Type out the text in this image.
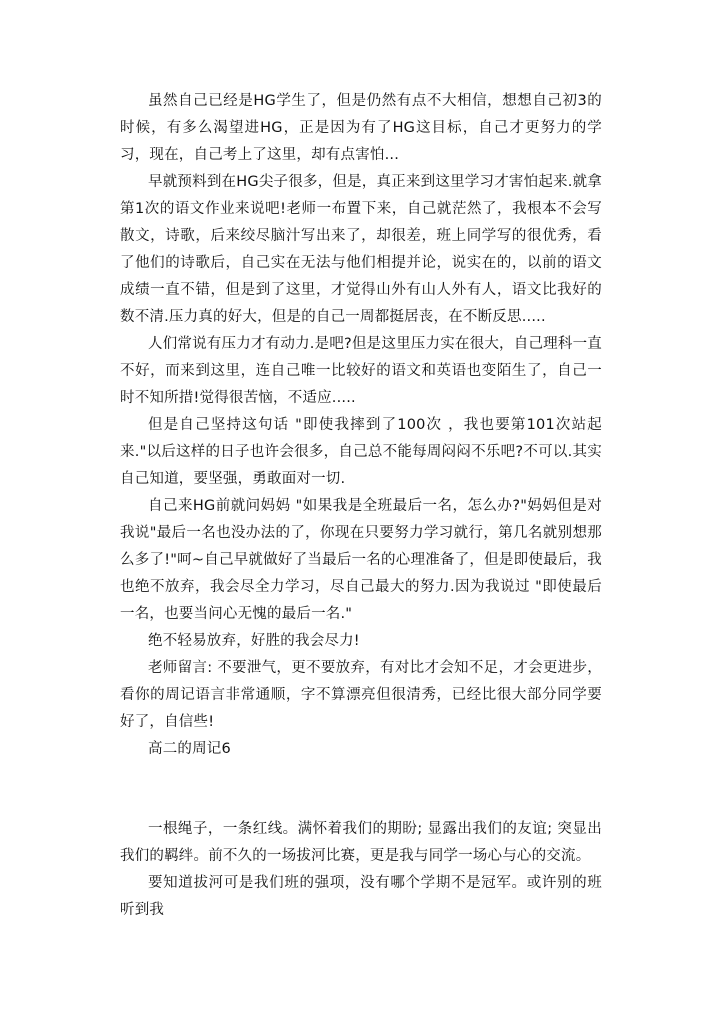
虽然自己已经是HG学生了，但是仍然有点不大相信，想想自己初3的时候，有多么渴望进HG，正是因为有了HG这目标，自己才更努力的学习，现在，自己考上了这里，却有点害怕...

早就预料到在HG尖子很多，但是，真正来到这里学习才害怕起来.就拿第1次的语文作业来说吧!老师一布置下来，自己就茫然了，我根本不会写散文，诗歌，后来绞尽脑汁写出来了，却很差，班上同学写的很优秀，看了他们的诗歌后，自己实在无法与他们相提并论，说实在的，以前的语文成绩一直不错，但是到了这里，才觉得山外有山人外有人，语文比我好的数不清.压力真的好大，但是的自己一周都挺居丧，在不断反思.....

人们常说有压力才有动力.是吧?但是这里压力实在很大，自己理科一直不好，而来到这里，连自己唯一比较好的语文和英语也变陌生了，自己一时不知所措!觉得很苦恼，不适应.....

但是自己坚持这句话 "即使我摔到了100次 ，我也要第101次站起来."以后这样的日子也许会很多，自己总不能每周闷闷不乐吧?不可以.其实自己知道，要坚强，勇敢面对一切.

自己来HG前就问妈妈 "如果我是全班最后一名，怎么办?"妈妈但是对我说"最后一名也没办法的了，你现在只要努力学习就行，第几名就别想那么多了!"呵~自己早就做好了当最后一名的心理准备了，但是即使最后，我也绝不放弃，我会尽全力学习，尽自己最大的努力.因为我说过 "即使最后一名，也要当问心无愧的最后一名."

绝不轻易放弃，好胜的我会尽力!

老师留言: 不要泄气，更不要放弃，有对比才会知不足，才会更进步，看你的周记语言非常通顺，字不算漂亮但很清秀，已经比很大部分同学要好了，自信些!

高二的周记6

一根绳子，一条红线。满怀着我们的期盼; 显露出我们的友谊; 突显出我们的羁绊。前不久的一场拔河比赛，更是我与同学一场心与心的交流。

要知道拔河可是我们班的强项，没有哪个学期不是冠军。或许别的班听到我
